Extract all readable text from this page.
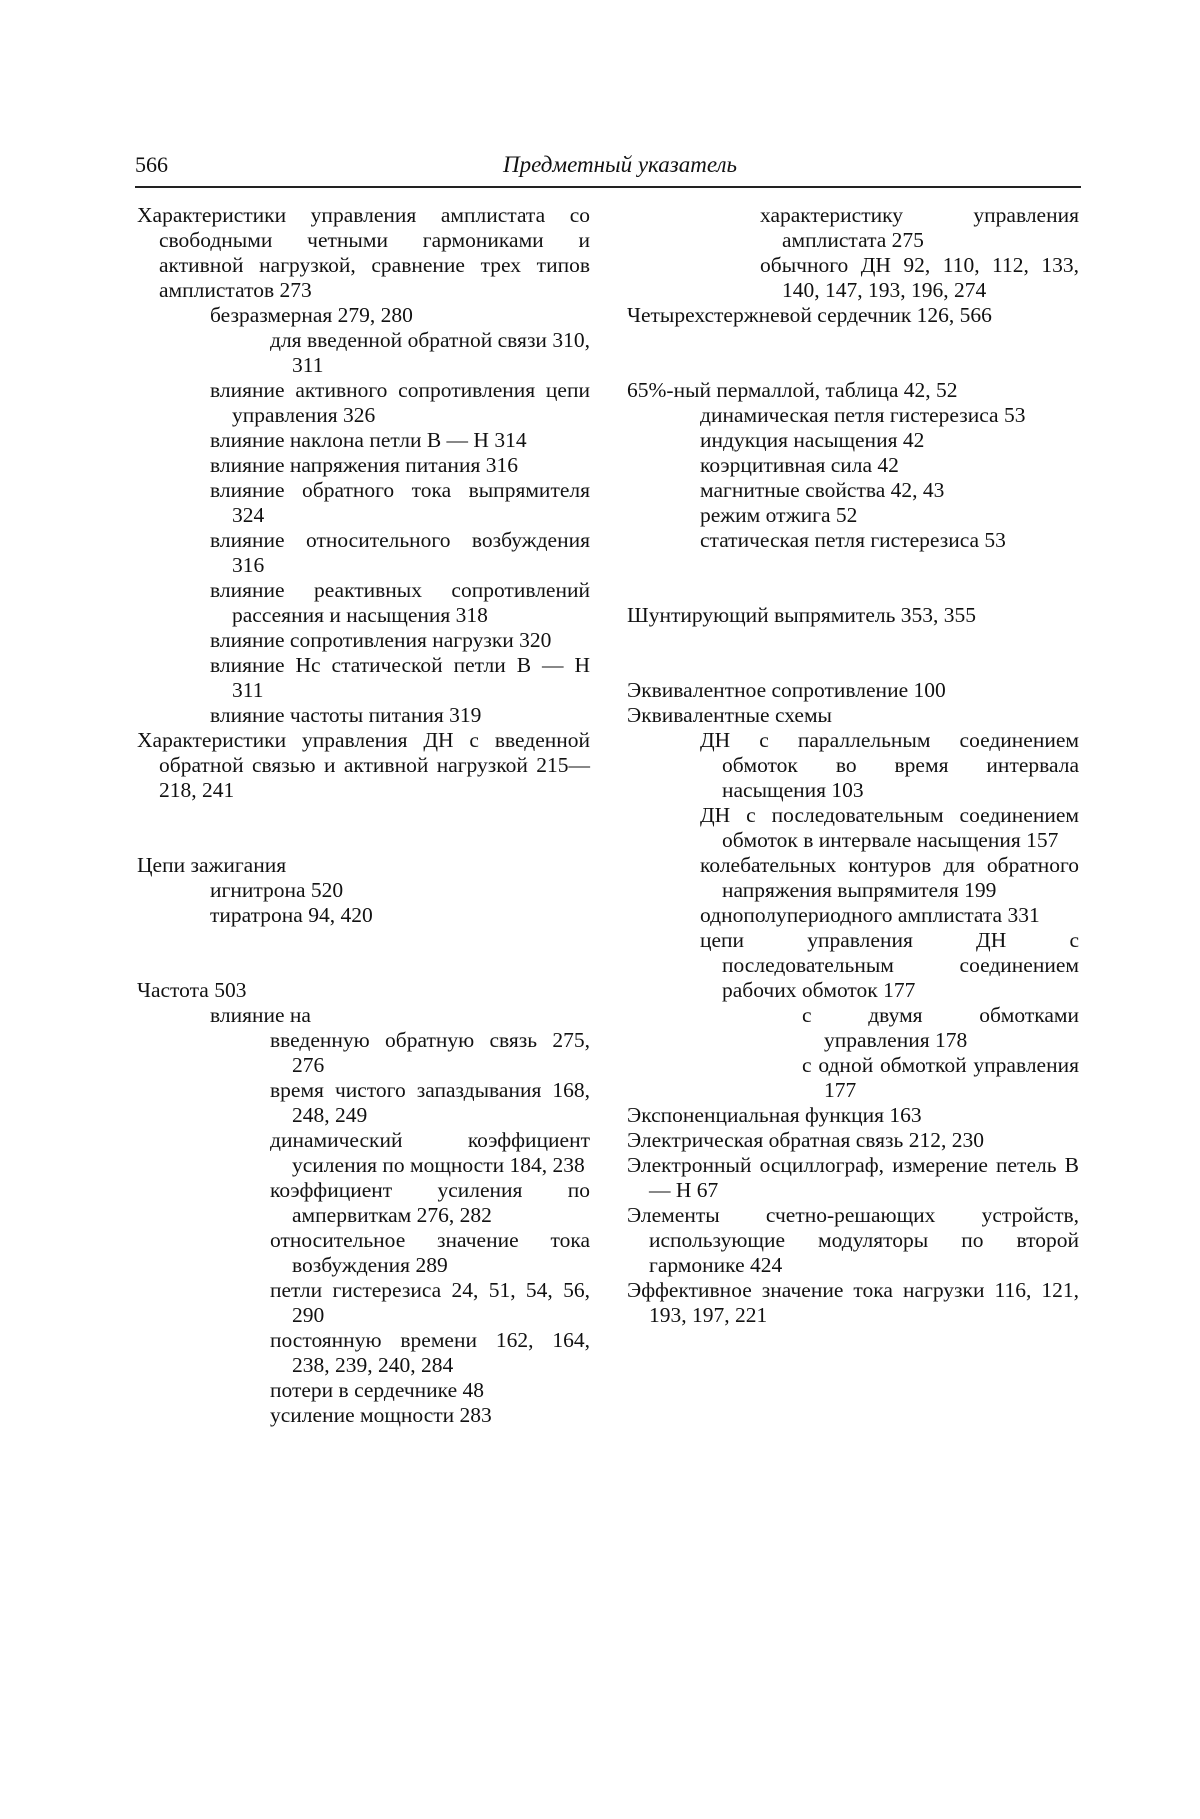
566	Предметный указатель
Характеристики управления амплистата со свободными четными гармониками и активной нагрузкой, сравнение трех типов амплистатов 273
безразмерная 279, 280
для введенной обратной связи 310, 311
влияние активного сопротивления цепи управления 326
влияние наклона петли В — Н 314
влияние напряжения питания 316
влияние обратного тока выпрямителя 324
влияние относительного возбуждения 316
влияние реактивных сопротивлений рассеяния и насыщения 318
влияние сопротивления нагрузки 320
влияние Hc статической петли В — Н 311
влияние частоты питания 319
Характеристики управления ДН с введенной обратной связью и активной нагрузкой 215—218, 241
Цепи зажигания
игнитрона 520
тиратрона 94, 420
Частота 503
влияние на
введенную обратную связь 275, 276
время чистого запаздывания 168, 248, 249
динамический коэффициент усиления по мощности 184, 238
коэффициент усиления по ампервиткам 276, 282
относительное значение тока возбуждения 289
петли гистерезиса 24, 51, 54, 56, 290
постоянную времени 162, 164, 238, 239, 240, 284
потери в сердечнике 48
усиление мощности 283
характеристику управления амплистата 275
обычного ДН 92, 110, 112, 133, 140, 147, 193, 196, 274
Четырехстержневой сердечник 126, 566
65%-ный пермаллой, таблица 42, 52
динамическая петля гистерезиса 53
индукция насыщения 42
коэрцитивная сила 42
магнитные свойства 42, 43
режим отжига 52
статическая петля гистерезиса 53
Шунтирующий выпрямитель 353, 355
Эквивалентное сопротивление 100
Эквивалентные схемы
ДН с параллельным соединением обмоток во время интервала насыщения 103
ДН с последовательным соединением обмоток в интервале насыщения 157
колебательных контуров для обратного напряжения выпрямителя 199
однополупериодного амплистата 331
цепи управления ДН с последовательным соединением рабочих обмоток 177
с двумя обмотками управления 178
с одной обмоткой управления 177
Экспоненциальная функция 163
Электрическая обратная связь 212, 230
Электронный осциллограф, измерение петель В — Н 67
Элементы счетно-решающих устройств, использующие модуляторы по второй гармонике 424
Эффективное значение тока нагрузки 116, 121, 193, 197, 221
